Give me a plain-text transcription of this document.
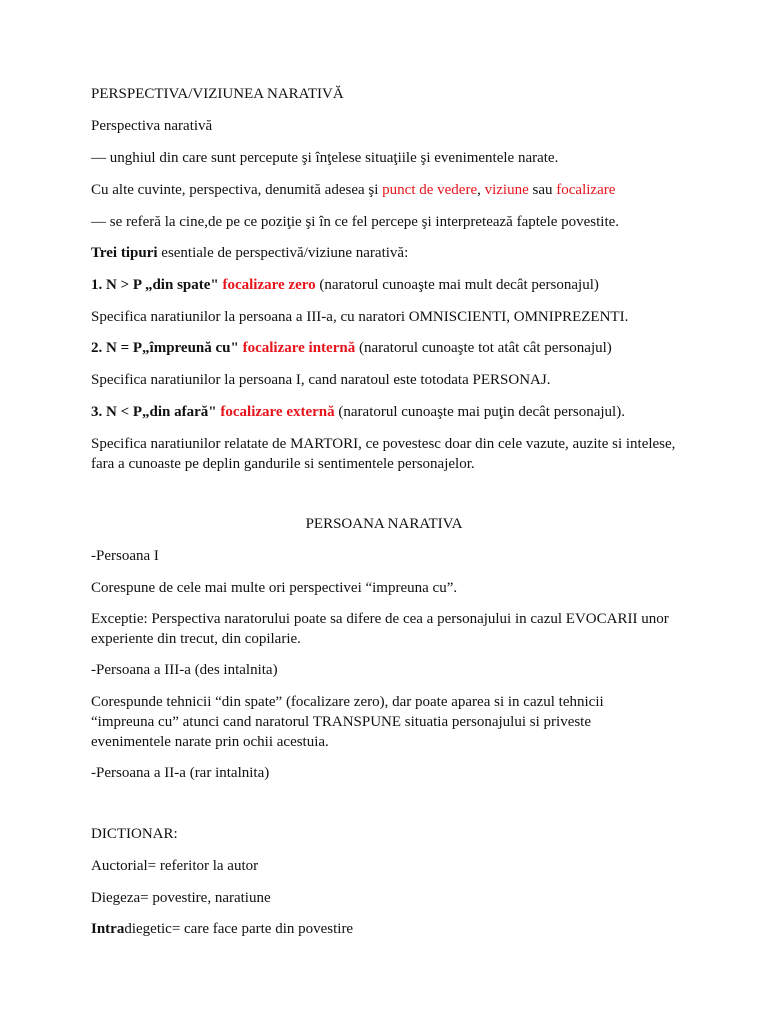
PERSPECTIVA/VIZIUNEA NARATIVĂ

Perspectiva narativă

— unghiul din care sunt percepute şi înţelese situaţiile şi evenimentele narate.

Cu alte cuvinte, perspectiva, denumită adesea şi punct de vedere, viziune sau focalizare

— se referă la cine,de pe ce poziţie şi în ce fel percepe şi interpretează faptele povestite.

Trei tipuri esentiale de perspectivă/viziune narativă:

1. N > P „din spate" focalizare zero (naratorul cunoaşte mai mult decât personajul)

Specifica naratiunilor la persoana a III-a, cu naratori OMNISCIENTI, OMNIPREZENTI.

2. N = P„împreună cu" focalizare internă (naratorul cunoaşte tot atât cât personajul)

Specifica naratiunilor la persoana I, cand naratoul este totodata PERSONAJ.

3. N < P„din afară" focalizare externă (naratorul cunoaşte mai puţin decât personajul).

Specifica naratiunilor relatate de MARTORI, ce povestesc doar din cele vazute, auzite si intelese, fara a cunoaste pe deplin gandurile si sentimentele personajelor.

PERSOANA NARATIVA

-Persoana I

Corespune de cele mai multe ori perspectivei “impreuna cu”.

Exceptie: Perspectiva naratorului poate sa difere de cea a personajului in cazul EVOCARII unor experiente din trecut, din copilarie.

-Persoana a III-a (des intalnita)

Corespunde tehnicii “din spate” (focalizare zero), dar poate aparea si in cazul tehnicii “impreuna cu” atunci cand naratorul TRANSPUNE situatia personajului si priveste evenimentele narate prin ochii acestuia.

-Persoana a II-a (rar intalnita)

DICTIONAR:

Auctorial= referitor la autor

Diegeza= povestire, naratiune

Intradiegetic= care face parte din povestire
